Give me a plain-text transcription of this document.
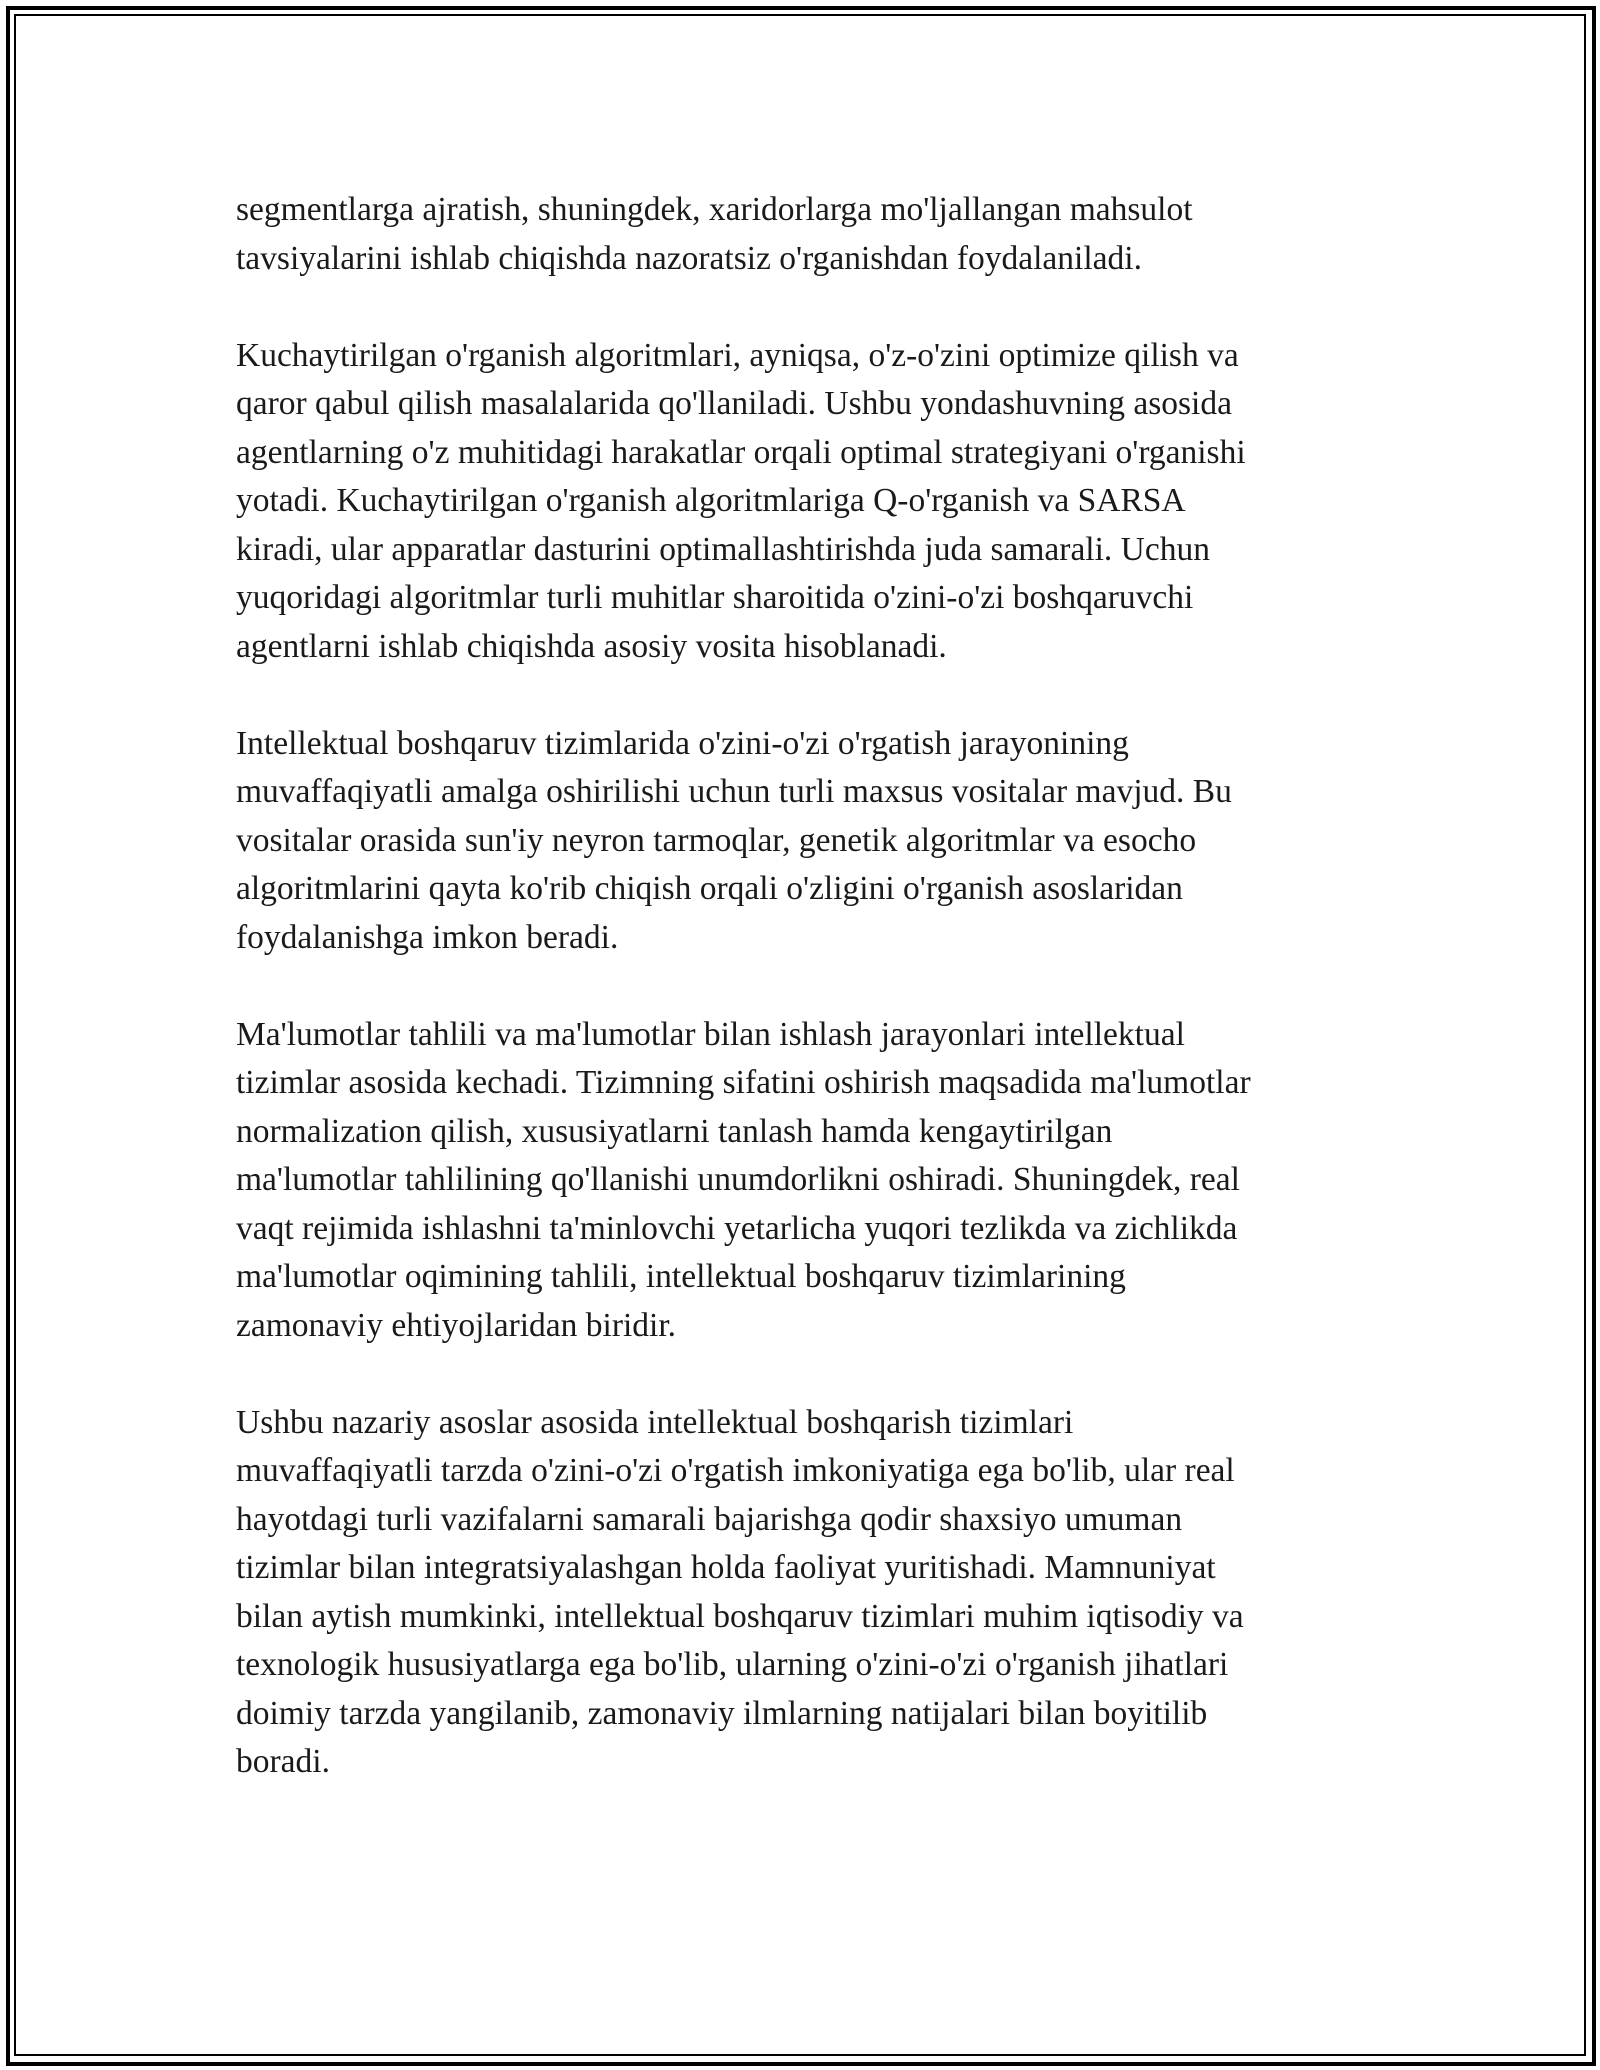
segmentlarga ajratish, shuningdek, xaridorlarga mo'ljallangan mahsulot
tavsiyalarini ishlab chiqishda nazoratsiz o'rganishdan foydalaniladi.

Kuchaytirilgan o'rganish algoritmlari, ayniqsa, o'z-o'zini optimize qilish va
qaror qabul qilish masalalarida qo'llaniladi. Ushbu yondashuvning asosida
agentlarning o'z muhitidagi harakatlar orqali optimal strategiyani o'rganishi
yotadi. Kuchaytirilgan o'rganish algoritmlariga Q-o'rganish va SARSA
kiradi, ular apparatlar dasturini optimallashtirishda juda samarali. Uchun
yuqoridagi algoritmlar turli muhitlar sharoitida o'zini-o'zi boshqaruvchi
agentlarni ishlab chiqishda asosiy vosita hisoblanadi.

Intellektual boshqaruv tizimlarida o'zini-o'zi o'rgatish jarayonining
muvaffaqiyatli amalga oshirilishi uchun turli maxsus vositalar mavjud. Bu
vositalar orasida sun'iy neyron tarmoqlar, genetik algoritmlar va esocho
algoritmlarini qayta ko'rib chiqish orqali o'zligini o'rganish asoslaridan
foydalanishga imkon beradi.

Ma'lumotlar tahlili va ma'lumotlar bilan ishlash jarayonlari intellektual
tizimlar asosida kechadi. Tizimning sifatini oshirish maqsadida ma'lumotlar
normalization qilish, xususiyatlarni tanlash hamda kengaytirilgan
ma'lumotlar tahlilining qo'llanishi unumdorlikni oshiradi. Shuningdek, real
vaqt rejimida ishlashni ta'minlovchi yetarlicha yuqori tezlikda va zichlikda
ma'lumotlar oqimining tahlili, intellektual boshqaruv tizimlarining
zamonaviy ehtiyojlaridan biridir.

Ushbu nazariy asoslar asosida intellektual boshqarish tizimlari
muvaffaqiyatli tarzda o'zini-o'zi o'rgatish imkoniyatiga ega bo'lib, ular real
hayotdagi turli vazifalarni samarali bajarishga qodir shaxsiyo umuman
tizimlar bilan integratsiyalashgan holda faoliyat yuritishadi. Mamnuniyat
bilan aytish mumkinki, intellektual boshqaruv tizimlari muhim iqtisodiy va
texnologik hususiyatlarga ega bo'lib, ularning o'zini-o'zi o'rganish jihatlari
doimiy tarzda yangilanib, zamonaviy ilmlarning natijalari bilan boyitilib
boradi.
